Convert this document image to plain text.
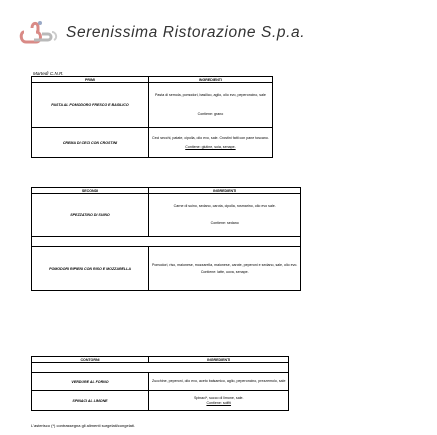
Serenissima Ristorazione S.p.a.
Martedì C.N.R.
PRIMI	INGREDIENTI
PASTA AL POMODORO FRESCO E BASILICO	Pasta di semola, pomodori, basilico, aglio, olio evo, peperoncino, sale
Contiene: grano

CREMA DI CECI CON CROSTINI	Ceci secchi, patate, cipolla, olio evo, sale. Crostini fatti con pane toscano.
Contiene: glutine, soia, senape.
SECONDI	INGREDIENTI
SPEZZATINO DI SUINO	Carne di suino, sedano, carota, cipolla, rosmarino, olio evo sale.
Contiene: sedano

POMODORI RIPIENI CON RISO E MOZZARELLA	Pomodori, riso, maionese, mozzarella, maionese, carote, peperoni e sedano, sale, olio evo.
Contiene: latte, uova, senape.
CONTORNI	INGREDIENTI

VERDURE AL FORNO	Zucchine, peperoni, olio evo, aceto balsamico, aglio, peperoncino, prezzemolo, sale

SPINACI AL LIMONE	Spinaci*, succo di limone, sale.
Contiene: solfiti
L'asterisco (*) contrassegna gli alimenti surgelati/congelati.
